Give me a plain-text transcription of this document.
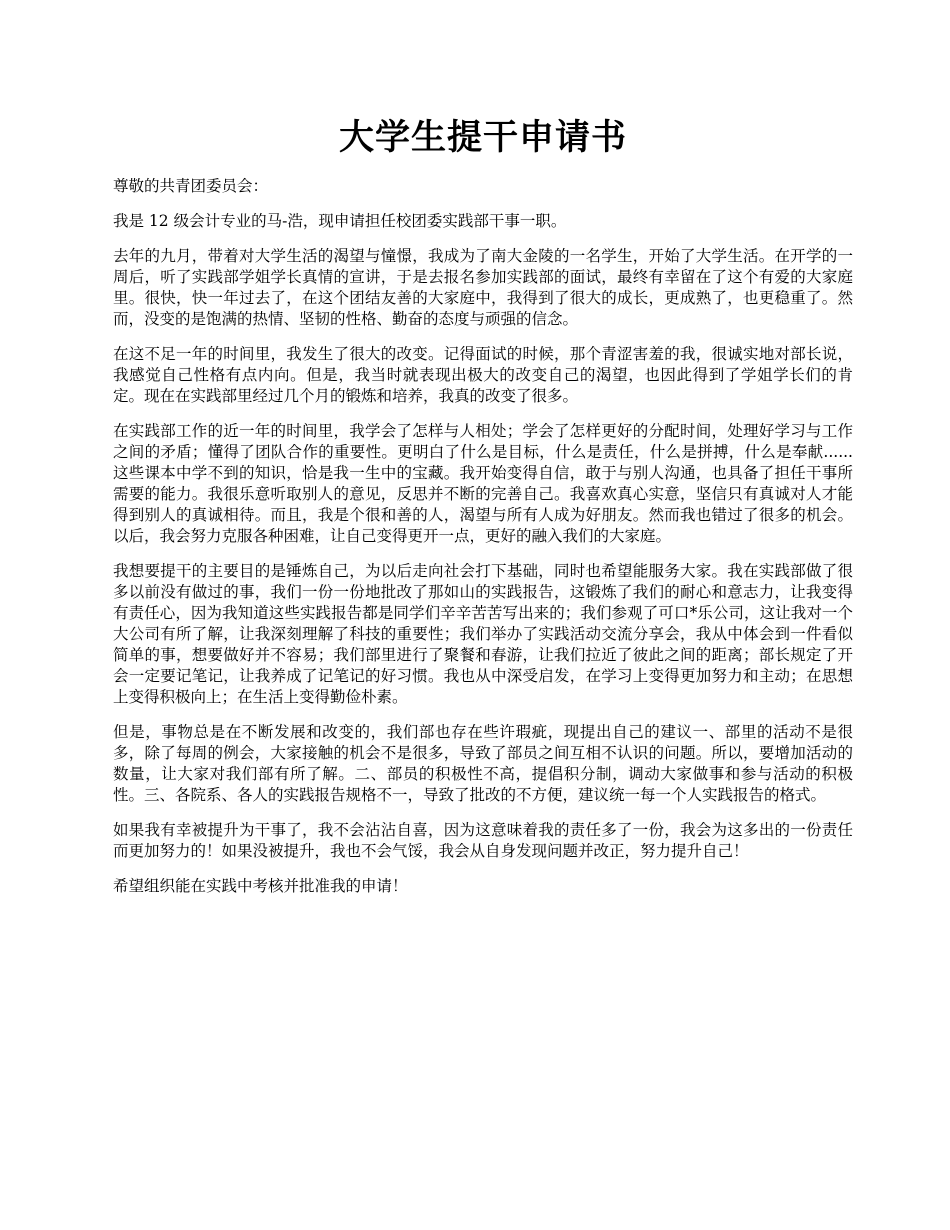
大学生提干申请书

尊敬的共青团委员会：

我是 12 级会计专业的马-浩，现申请担任校团委实践部干事一职。

去年的九月，带着对大学生活的渴望与憧憬，我成为了南大金陵的一名学生，开始了大学生活。在开学的一周后，听了实践部学姐学长真情的宣讲，于是去报名参加实践部的面试，最终有幸留在了这个有爱的大家庭里。很快，快一年过去了，在这个团结友善的大家庭中，我得到了很大的成长，更成熟了，也更稳重了。然而，没变的是饱满的热情、坚韧的性格、勤奋的态度与顽强的信念。

在这不足一年的时间里，我发生了很大的改变。记得面试的时候，那个青涩害羞的我，很诚实地对部长说，我感觉自己性格有点内向。但是，我当时就表现出极大的改变自己的渴望，也因此得到了学姐学长们的肯定。现在在实践部里经过几个月的锻炼和培养，我真的改变了很多。

在实践部工作的近一年的时间里，我学会了怎样与人相处；学会了怎样更好的分配时间，处理好学习与工作之间的矛盾；懂得了团队合作的重要性。更明白了什么是目标，什么是责任，什么是拼搏，什么是奉献......这些课本中学不到的知识，恰是我一生中的宝藏。我开始变得自信，敢于与别人沟通，也具备了担任干事所需要的能力。我很乐意听取别人的意见，反思并不断的完善自己。我喜欢真心实意，坚信只有真诚对人才能得到别人的真诚相待。而且，我是个很和善的人，渴望与所有人成为好朋友。然而我也错过了很多的机会。以后，我会努力克服各种困难，让自己变得更开一点，更好的融入我们的大家庭。

我想要提干的主要目的是锤炼自己，为以后走向社会打下基础，同时也希望能服务大家。我在实践部做了很多以前没有做过的事，我们一份一份地批改了那如山的实践报告，这锻炼了我们的耐心和意志力，让我变得有责任心，因为我知道这些实践报告都是同学们辛辛苦苦写出来的；我们参观了可口*乐公司，这让我对一个大公司有所了解，让我深刻理解了科技的重要性；我们举办了实践活动交流分享会，我从中体会到一件看似简单的事，想要做好并不容易；我们部里进行了聚餐和春游，让我们拉近了彼此之间的距离；部长规定了开会一定要记笔记，让我养成了记笔记的好习惯。我也从中深受启发，在学习上变得更加努力和主动；在思想上变得积极向上；在生活上变得勤俭朴素。

但是，事物总是在不断发展和改变的，我们部也存在些许瑕疵，现提出自己的建议一、部里的活动不是很多，除了每周的例会，大家接触的机会不是很多，导致了部员之间互相不认识的问题。所以，要增加活动的数量，让大家对我们部有所了解。二、部员的积极性不高，提倡积分制，调动大家做事和参与活动的积极性。三、各院系、各人的实践报告规格不一，导致了批改的不方便，建议统一每一个人实践报告的格式。

如果我有幸被提升为干事了，我不会沾沾自喜，因为这意味着我的责任多了一份，我会为这多出的一份责任而更加努力的！如果没被提升，我也不会气馁，我会从自身发现问题并改正，努力提升自己！

希望组织能在实践中考核并批准我的申请！
